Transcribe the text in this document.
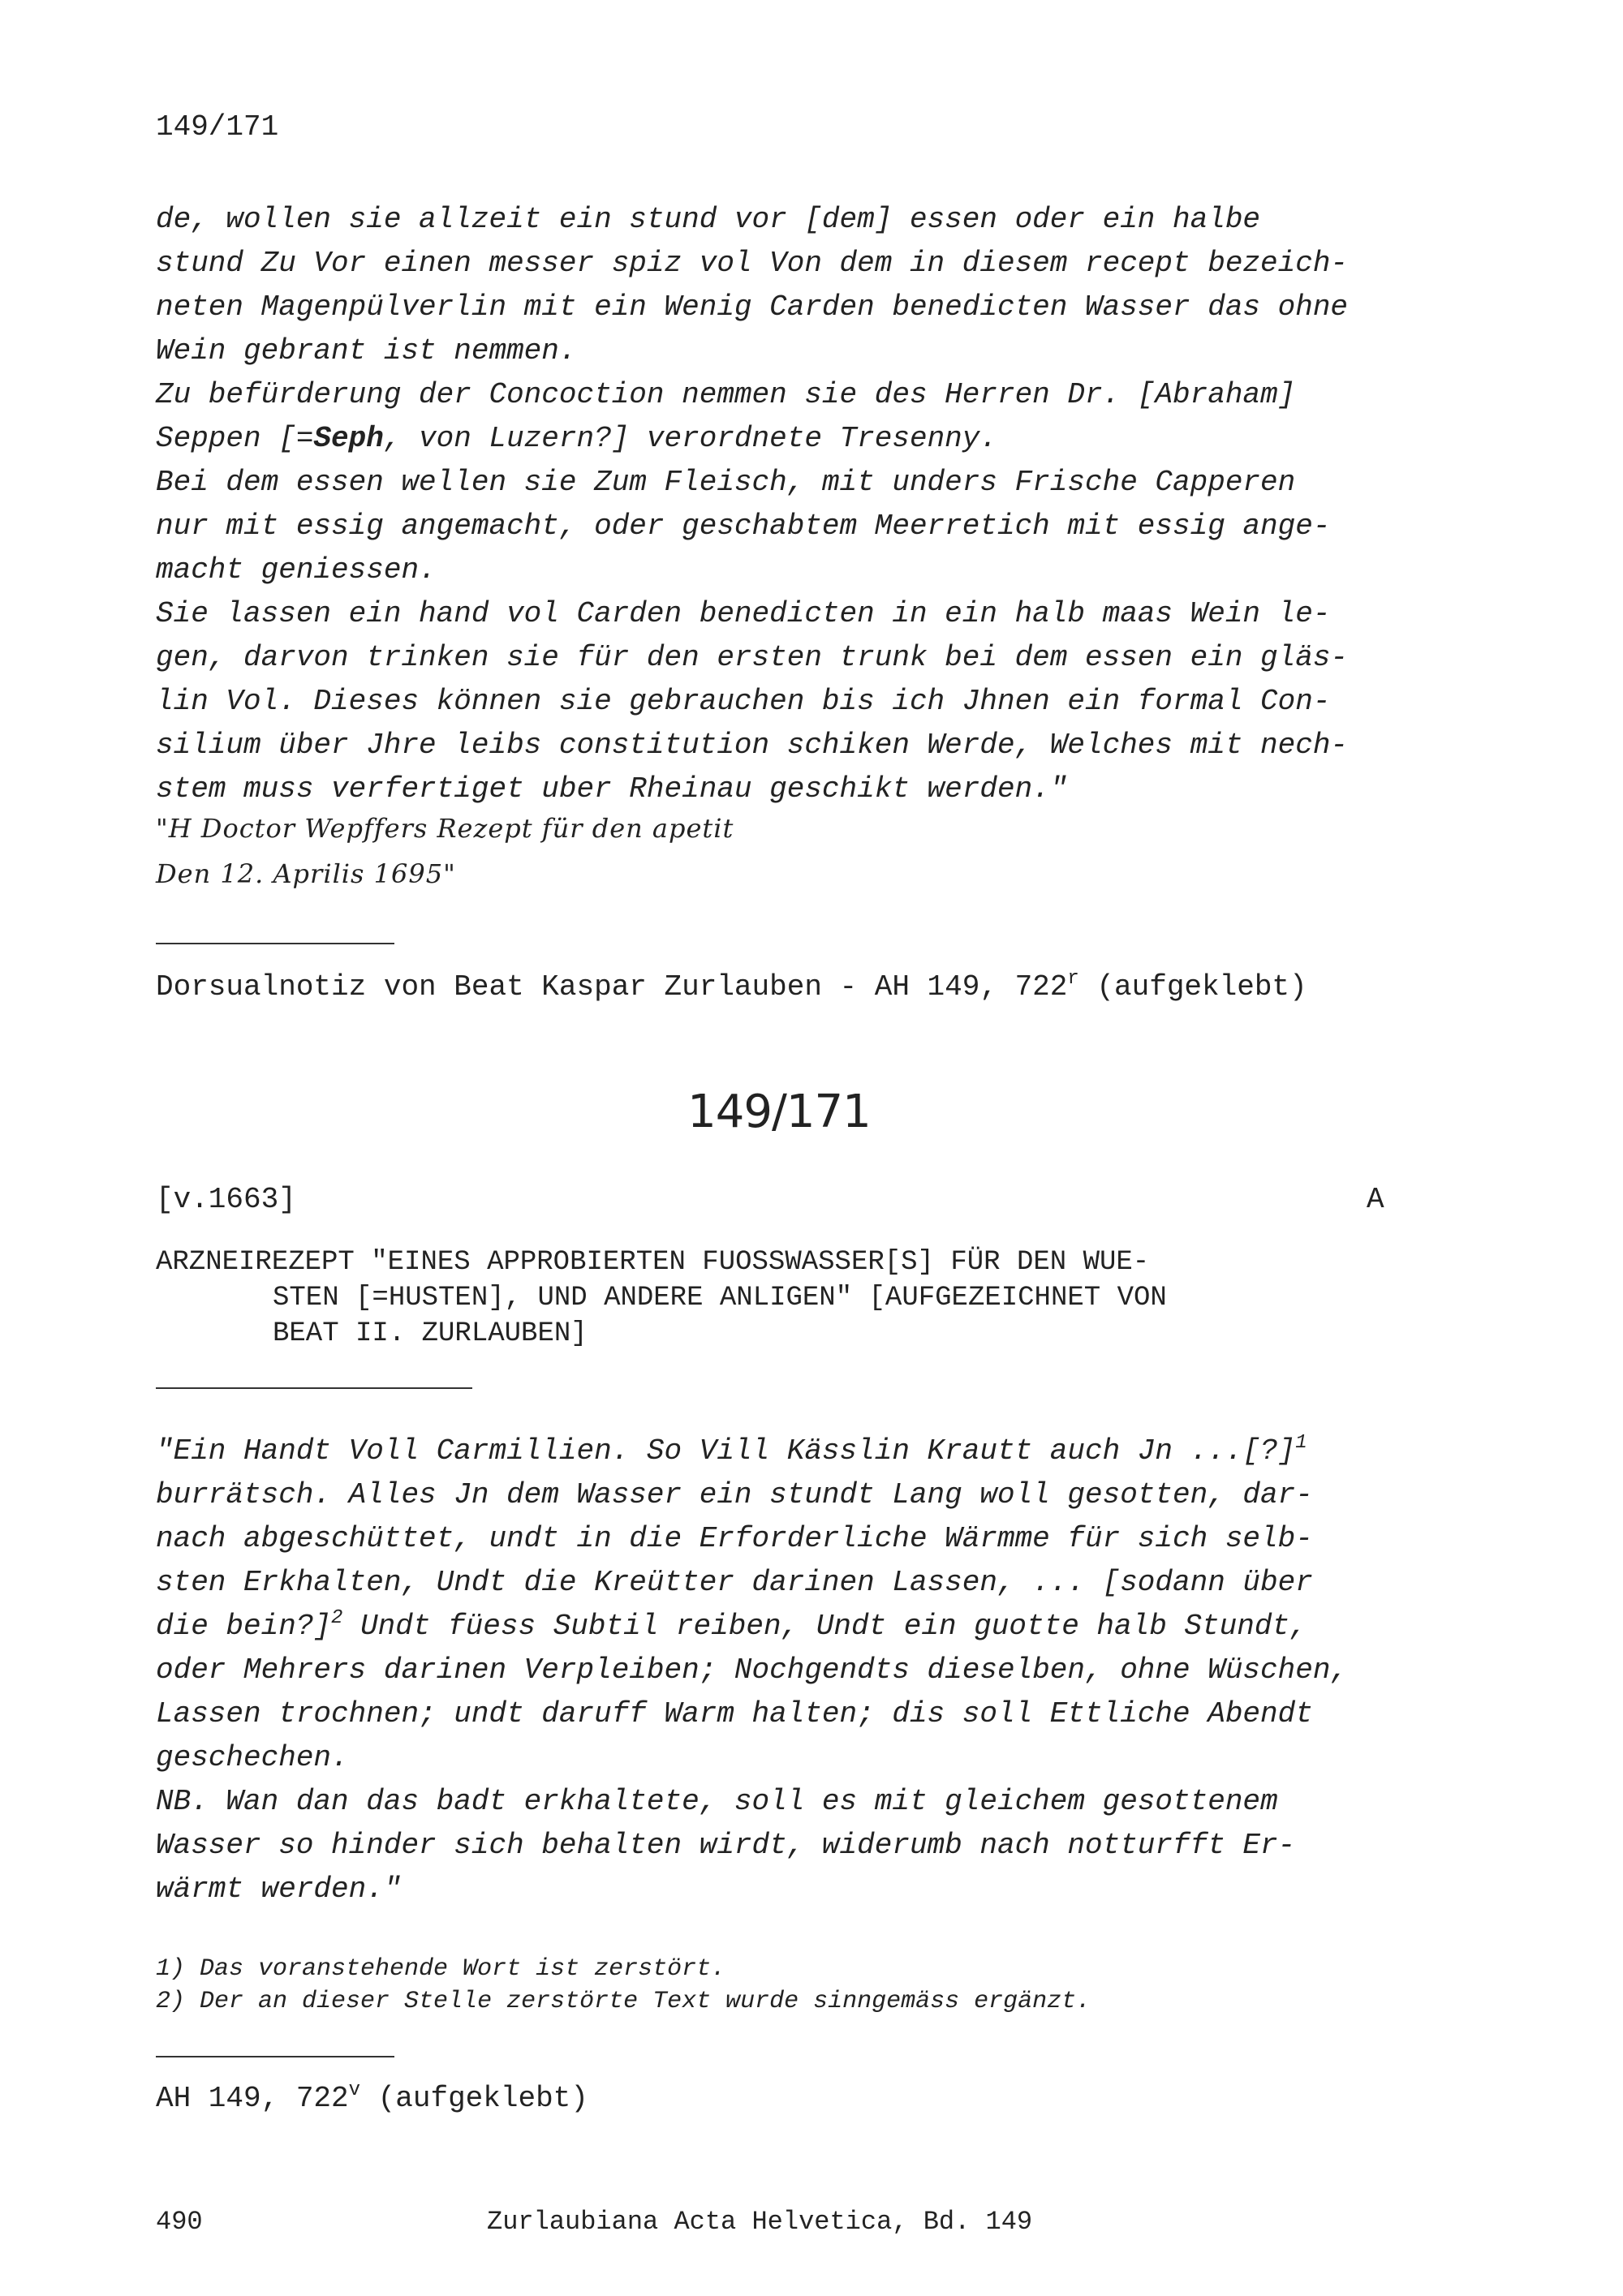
149/171
de, wollen sie allzeit ein stund vor [dem] essen oder ein halbe
stund Zu Vor einen messer spiz vol Von dem in diesem recept bezeich-
neten Magenpülverlin mit ein Wenig Carden benedicten Wasser das ohne
Wein gebrant ist nemmen.
Zu befürderung der Concoction nemmen sie des Herren Dr. [Abraham]
Seppen [=Seph, von Luzern?] verordnete Tresenny.
Bei dem essen wellen sie Zum Fleisch, mit unders Frische Capperen
nur mit essig angemacht, oder geschabtem Meerretich mit essig ange-
macht geniessen.
Sie lassen ein hand vol Carden benedicten in ein halb maas Wein le-
gen, darvon trinken sie für den ersten trunk bei dem essen ein gläs-
lin Vol. Dieses können sie gebrauchen bis ich Jhnen ein formal Con-
silium über Jhre leibs constitution schiken Werde, Welches mit nech-
stem muss verfertiget uber Rheinau geschikt werden."
"H Doctor Wepffers Rezept für den apetit
Den 12. Aprilis 1695"
Dorsualnotiz von Beat Kaspar Zurlauben - AH 149, 722$^r$ (aufgeklebt)
149/171
[v.1663]	A
ARZNEIREZEPT "EINES APPROBIERTEN FUOSSWASSER[S] FÜR DEN WUE-
STEN [=HUSTEN], UND ANDERE ANLIGEN" [AUFGEZEICHNET VON
BEAT II. ZURLAUBEN]
"Ein Handt Voll Carmillien. So Vill Kässlin Krautt auch Jn ...[?]$^1$
burrätsch. Alles Jn dem Wasser ein stundt Lang woll gesotten, dar-
nach abgeschüttet, undt in die Erforderliche Wärmme für sich selb-
sten Erkhalten, Undt die Kreütter darinen Lassen, ... [sodann über
die bein?]$^2$ Undt füess Subtil reiben, Undt ein guotte halb Stundt,
oder Mehrers darinen Verpleiben; Nochgendts dieselben, ohne Wüschen,
Lassen trochnen; undt daruff Warm halten; dis soll Ettliche Abendt
geschechen.
NB. Wan dan das badt erkhaltete, soll es mit gleichem gesottenem
Wasser so hinder sich behalten wirdt, widerumb nach notturfft Er-
wärmt werden."
1) Das voranstehende Wort ist zerstört.
2) Der an dieser Stelle zerstörte Text wurde sinngemäss ergänzt.
AH 149, 722$^v$ (aufgeklebt)
490	Zurlaubiana Acta Helvetica, Bd. 149
